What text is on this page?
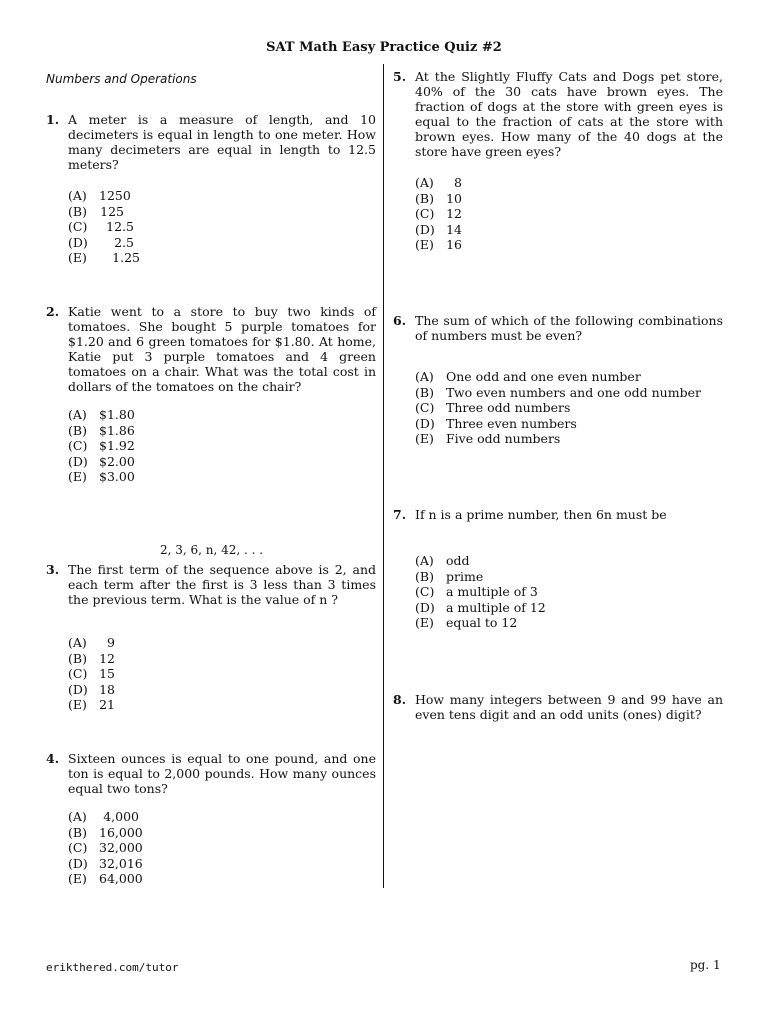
SAT Math Easy Practice Quiz #2
Numbers and Operations
1. A meter is a measure of length, and 10 decimeters is equal in length to one meter. How many decimeters are equal in length to 12.5 meters?
(A) 1250
(B)	125
(C)	12.5
(D)	2.5
(E)	1.25
2. Katie went to a store to buy two kinds of tomatoes. She bought 5 purple tomatoes for $1.20 and 6 green tomatoes for $1.80. At home, Katie put 3 purple tomatoes and 4 green tomatoes on a chair. What was the total cost in dollars of the tomatoes on the chair?
(A) $1.80
(B) $1.86
(C) $1.92
(D) $2.00
(E) $3.00
2, 3, 6, n, 42, . . .
3. The first term of the sequence above is 2, and each term after the first is 3 less than 3 times the previous term. What is the value of n ?
(A)	9
(B) 12
(C) 15
(D) 18
(E) 21
4. Sixteen ounces is equal to one pound, and one ton is equal to 2,000 pounds. How many ounces equal two tons?
(A)	4,000
(B) 16,000
(C) 32,000
(D) 32,016
(E) 64,000
5. At the Slightly Fluffy Cats and Dogs pet store, 40% of the 30 cats have brown eyes. The fraction of dogs at the store with green eyes is equal to the fraction of cats at the store with brown eyes. How many of the 40 dogs at the store have green eyes?
(A)	8
(B) 10
(C) 12
(D) 14
(E) 16
6. The sum of which of the following combinations of numbers must be even?
(A) One odd and one even number
(B) Two even numbers and one odd number
(C) Three odd numbers
(D) Three even numbers
(E) Five odd numbers
7. If n is a prime number, then 6n must be
(A) odd
(B) prime
(C) a multiple of 3
(D) a multiple of 12
(E) equal to 12
8. How many integers between 9 and 99 have an even tens digit and an odd units (ones) digit?
erikthered.com/tutor	pg. 1
